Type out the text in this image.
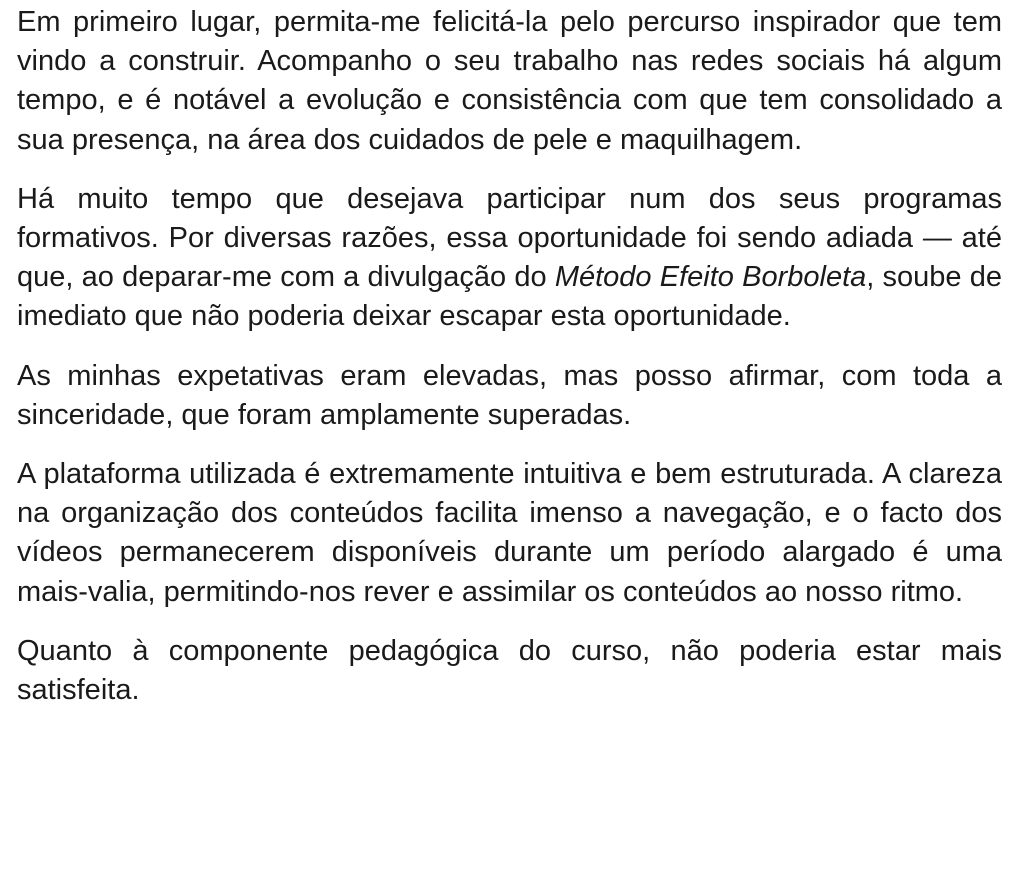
Em primeiro lugar, permita-me felicitá-la pelo percurso inspirador que tem vindo a construir. Acompanho o seu trabalho nas redes sociais há algum tempo, e é notável a evolução e consistência com que tem consolidado a sua presença, na área dos cuidados de pele e maquilhagem.

Há muito tempo que desejava participar num dos seus programas formativos. Por diversas razões, essa oportunidade foi sendo adiada — até que, ao deparar-me com a divulgação do Método Efeito Borboleta, soube de imediato que não poderia deixar escapar esta oportunidade.

As minhas expetativas eram elevadas, mas posso afirmar, com toda a sinceridade, que foram amplamente superadas.

A plataforma utilizada é extremamente intuitiva e bem estruturada. A clareza na organização dos conteúdos facilita imenso a navegação, e o facto dos vídeos permanecerem disponíveis durante um período alargado é uma mais-valia, permitindo-nos rever e assimilar os conteúdos ao nosso ritmo.

Quanto à componente pedagógica do curso, não poderia estar mais satisfeita.
